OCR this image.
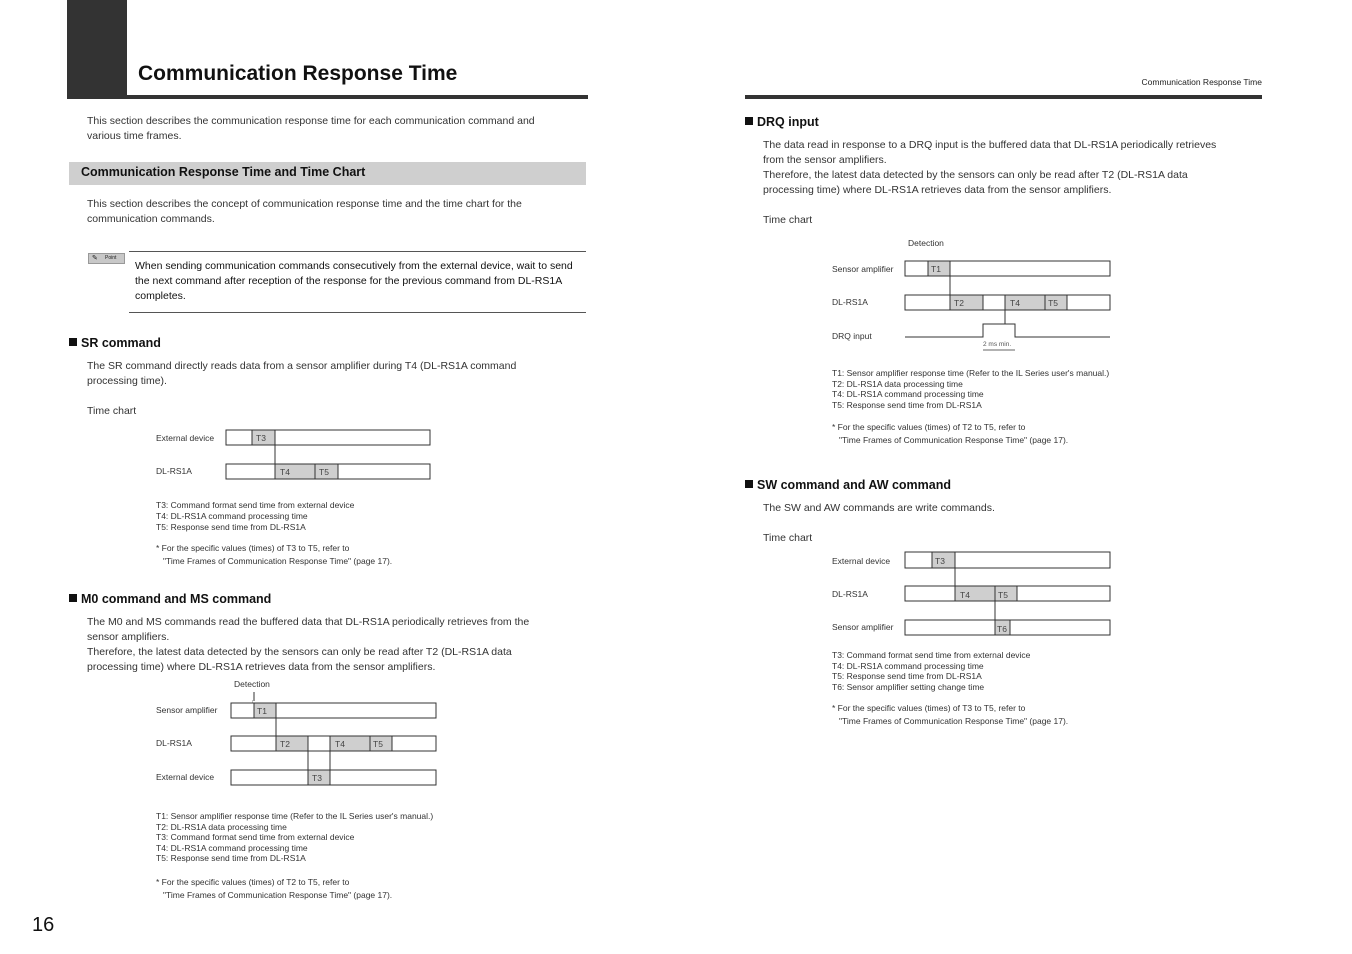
Communication Response Time	Communication Response Time
This section describes the communication response time for each communication command and
various time frames.
Communication Response Time and Time Chart
This section describes the concept of communication response time and the time chart for the
communication commands.
✎ Point
When sending communication commands consecutively from the external device, wait to send
the next command after reception of the response for the previous command from DL-RS1A
completes.
SR command
The SR command directly reads data from a sensor amplifier during T4 (DL-RS1A command
processing time).
Time chart
External device
DL-RS1A
T3
T4	T5
T3: Command format send time from external device
T4: DL-RS1A command processing time
T5: Response send time from DL-RS1A
* For the specific values (times) of T3 to T5, refer to
"Time Frames of Communication Response Time" (page 17).
M0 command and MS command
The M0 and MS commands read the buffered data that DL-RS1A periodically retrieves from the
sensor amplifiers.
Therefore, the latest data detected by the sensors can only be read after T2 (DL-RS1A data
processing time) where DL-RS1A retrieves data from the sensor amplifiers.
Detection
Sensor amplifier
DL-RS1A
External device
T1
T2	T4	T5
T3
T1: Sensor amplifier response time (Refer to the IL Series user's manual.)
T2: DL-RS1A data processing time
T3: Command format send time from external device
T4: DL-RS1A command processing time
T5: Response send time from DL-RS1A
* For the specific values (times) of T2 to T5, refer to
"Time Frames of Communication Response Time" (page 17).
16
DRQ input
The data read in response to a DRQ input is the buffered data that DL-RS1A periodically retrieves
from the sensor amplifiers.
Therefore, the latest data detected by the sensors can only be read after T2 (DL-RS1A data
processing time) where DL-RS1A retrieves data from the sensor amplifiers.
Time chart
Detection
Sensor amplifier
DL-RS1A
DRQ input
T1
T2	T4	T5
2 ms min.
T1: Sensor amplifier response time (Refer to the IL Series user's manual.)
T2: DL-RS1A data processing time
T4: DL-RS1A command processing time
T5: Response send time from DL-RS1A
* For the specific values (times) of T2 to T5, refer to
"Time Frames of Communication Response Time" (page 17).
SW command and AW command
The SW and AW commands are write commands.
Time chart
External device
DL-RS1A
Sensor amplifier
T3
T4	T5
T6
T3: Command format send time from external device
T4: DL-RS1A command processing time
T5: Response send time from DL-RS1A
T6: Sensor amplifier setting change time
* For the specific values (times) of T3 to T5, refer to
"Time Frames of Communication Response Time" (page 17).
